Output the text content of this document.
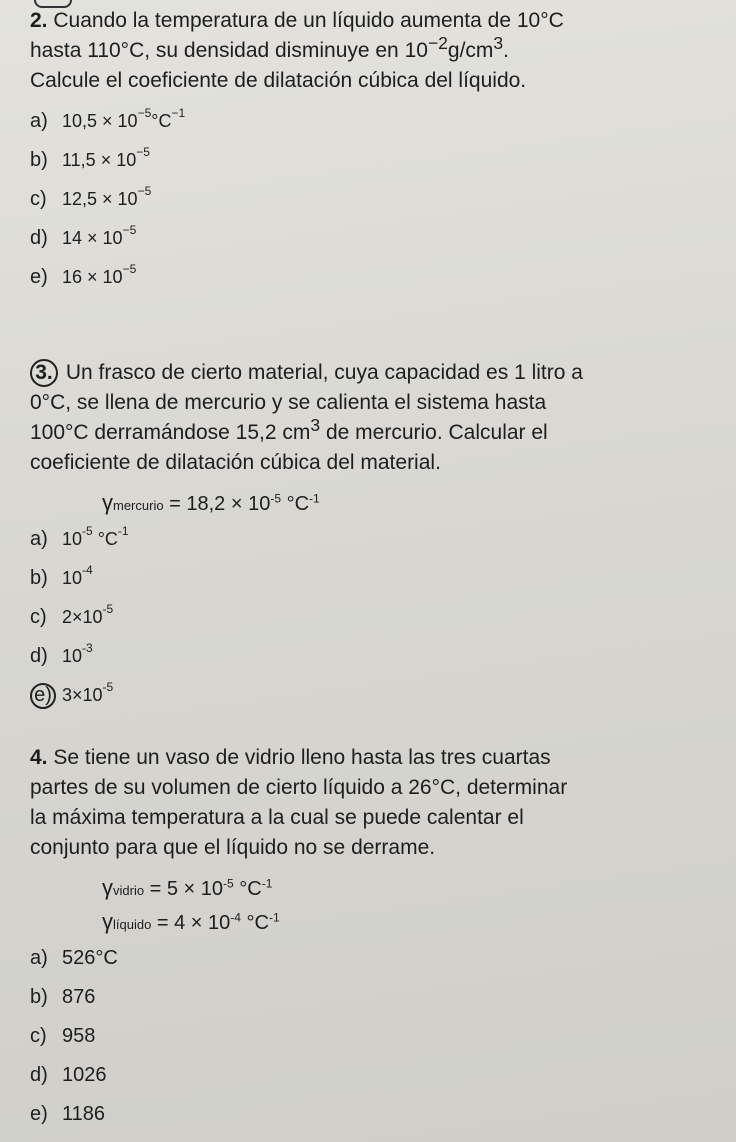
2. Cuando la temperatura de un líquido aumenta de 10°C
hasta 110°C, su densidad disminuye en $10^{-2}g/cm^3$.
Calcule el coeficiente de dilatación cúbica del líquido.

a) $10,5 \times 10^{-5}^\circ C^{-1}$
b) $11,5 \times 10^{-5}$
c) $12,5 \times 10^{-5}$
d) $14 \times 10^{-5}$
e) $16 \times 10^{-5}$

3. Un frasco de cierto material, cuya capacidad es 1 litro a
0°C, se llena de mercurio y se calienta el sistema hasta
100°C derramándose 15,2 $cm^3$ de mercurio. Calcular el
coeficiente de dilatación cúbica del material.

γmercurio = $18,2 \times 10^{-5}$ $^\circ C^{-1}$
a) $10^{-5}$ $^\circ C^{-1}$
b) $10^{-4}$
c) $2\times 10^{-5}$
d) $10^{-3}$
e) $3\times 10^{-5}$

4. Se tiene un vaso de vidrio lleno hasta las tres cuartas
partes de su volumen de cierto líquido a 26°C, determinar
la máxima temperatura a la cual se puede calentar el
conjunto para que el líquido no se derrame.

γvidrio = $5 \times 10^{-5}$ $^\circ C^{-1}$
γlíquido = $4 \times 10^{-4}$ $^\circ C^{-1}$
a) 526°C
b) 876
c) 958
d) 1026
e) 1186
